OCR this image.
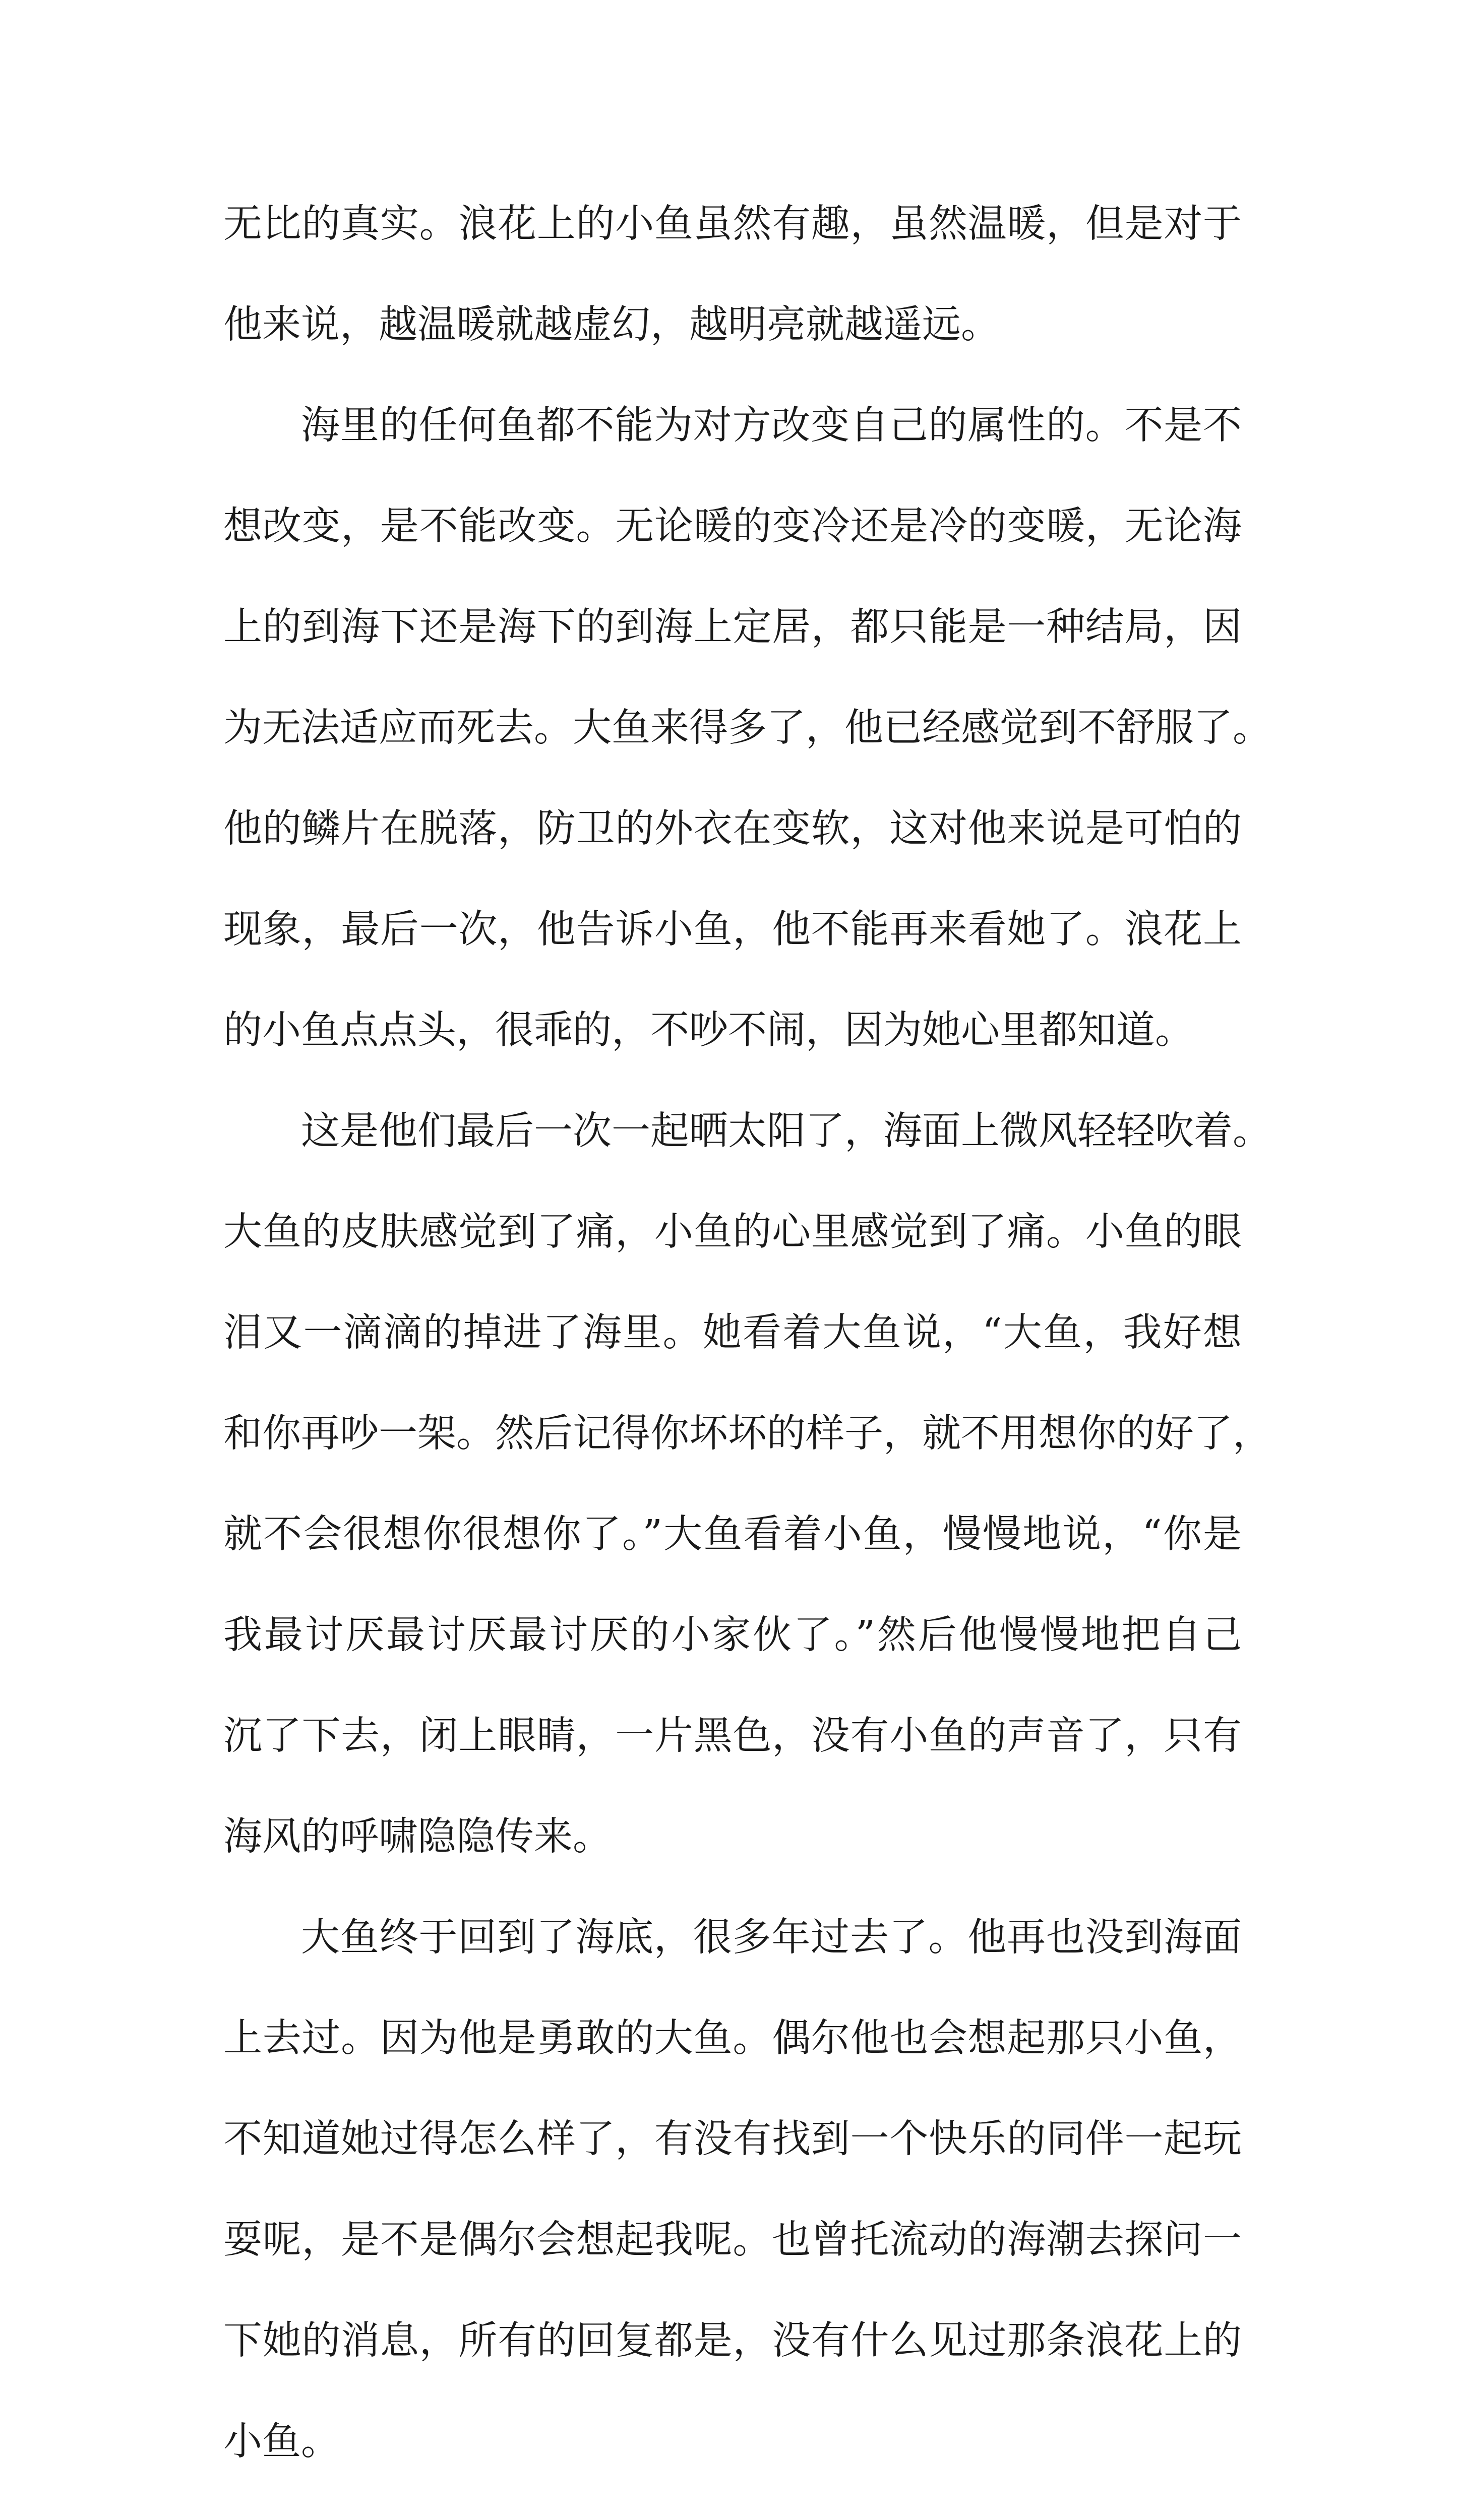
无比的真实。浪花上的小鱼虽然有趣，虽然温暖，但是对于
他来说，越温暖就越虚幻，越明亮就越遥远。
海里的任何鱼都不能为对方改变自己的属性的。不是不
想改变，是不能改变。无论暖的变冷还是冷的变暖，无论海
上的到海下还是海下的到海上定居，都只能是一种结局，因
为无法适应而死去。大鱼来得多了，他已经感觉到不舒服了。
他的鳞片在脱落，防卫的外衣在变软，这对他来说是可怕的
现象，最后一次，他告诉小鱼，他不能再来看她了。浪花上
的小鱼点点头，很乖的，不吵不闹，因为她心里都知道。
这是他们最后一次一起晒太阳了，海面上微风轻轻吹着。
大鱼的皮肤感觉到了痛，小鱼的心里感觉到了痛。小鱼的眼
泪又一滴滴的掉进了海里。她看着大鱼说，“大鱼，我好想
和你再吵一架。然后记得你坏坏的样子，就不用想你的好了，
就不会很想你很想你了。”大鱼看着小鱼，慢慢地说，“你是
我最讨厌最讨厌最讨厌的小家伙了。”然后他慢慢地把自己
沉了下去，闭上眼睛，一片黑色，没有小鱼的声音了，只有
海风的呼啸隐隐传来。
大鱼终于回到了海底，很多年过去了。他再也没到海面
上去过。因为他是勇敢的大鱼。偶尔他也会想起那只小鱼，
不知道她过得怎么样了，有没有找到一个快乐的同伴一起玩
耍呢，是不是偶尔会想起我呢。也曾托流动的海潮去探问一
下她的消息，所有的回复都是，没有什么见过那条浪花上的
小鱼。
